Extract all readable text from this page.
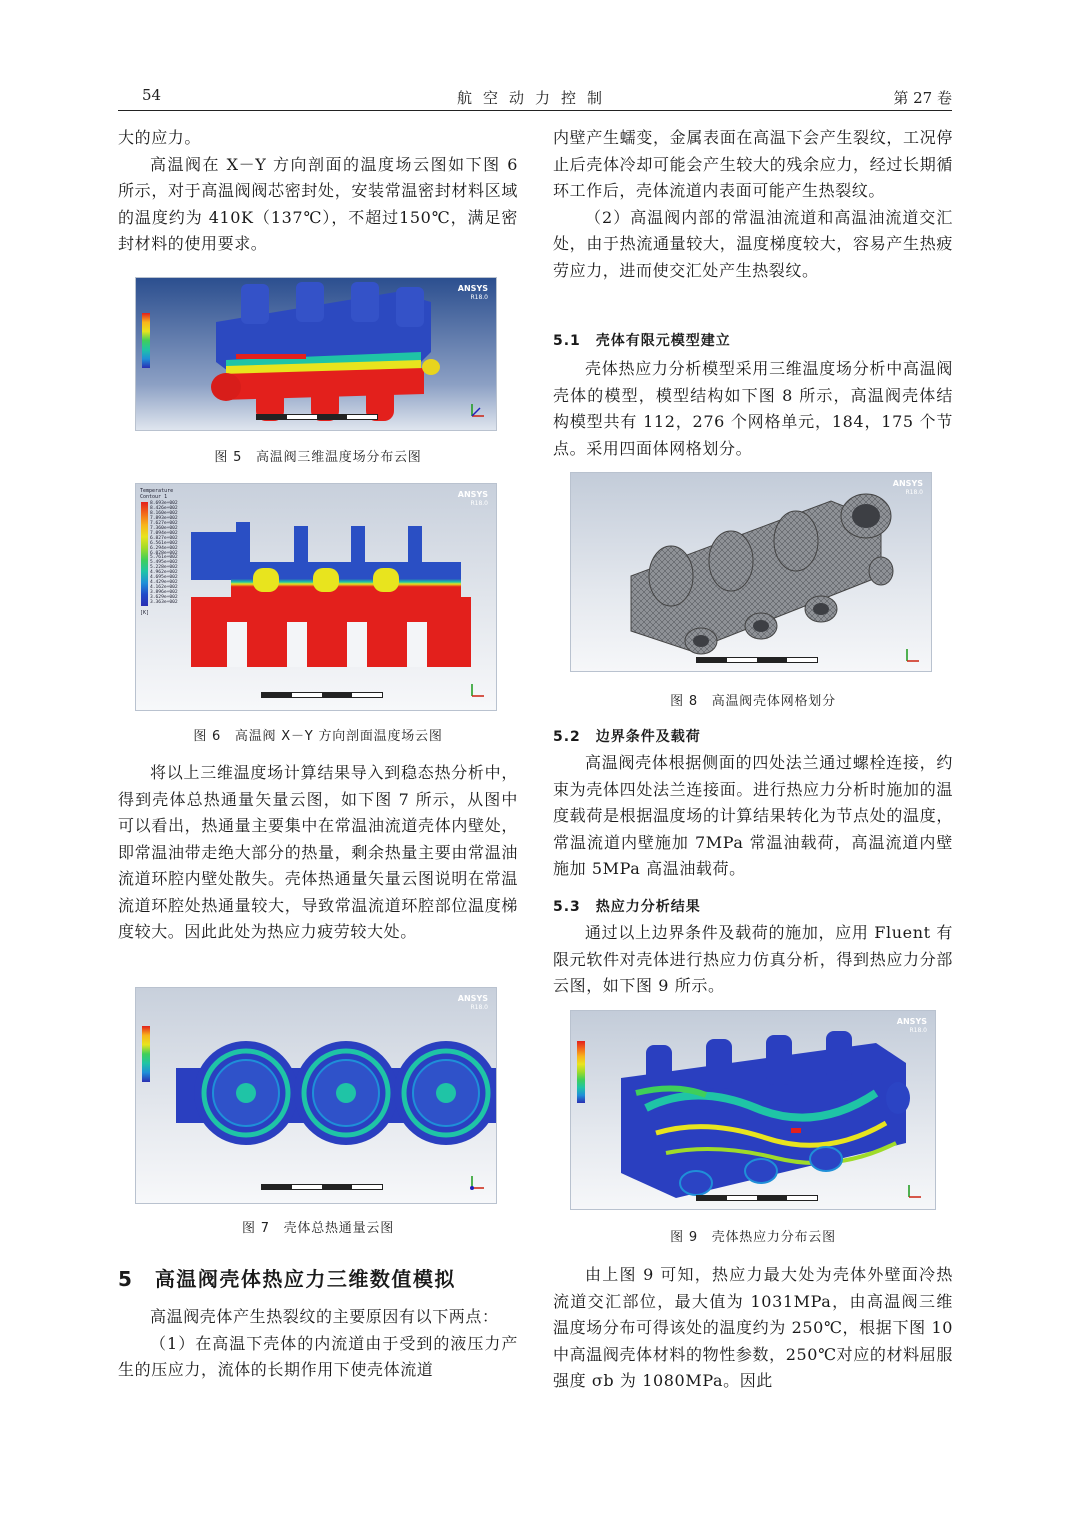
54	航空动力控制	第 27 卷

大的应力。

高温阀在 X－Y 方向剖面的温度场云图如下图 6 所示，对于高温阀阀芯密封处，安装常温密封材料区域的温度约为 410K（137℃），不超过150℃，满足密封材料的使用要求。

ANSYS
R18.0
图 5　高温阀三维温度场分布云图
ANSYS
R18.0
Temperature
Contour 1
8.693e+002
8.426e+002
8.160e+002
7.893e+002
7.627e+002
7.360e+002
7.094e+002
6.827e+002
6.561e+002
6.294e+002
6.028e+002
5.761e+002
5.495e+002
5.228e+002
4.962e+002
4.695e+002
4.429e+002
4.162e+002
3.896e+002
3.629e+002
3.363e+002
[K]
图 6　高温阀 X－Y 方向剖面温度场云图

将以上三维温度场计算结果导入到稳态热分析中，得到壳体总热通量矢量云图，如下图 7 所示，从图中可以看出，热通量主要集中在常温油流道壳体内壁处，即常温油带走绝大部分的热量，剩余热量主要由常温油流道环腔内壁处散失。壳体热通量矢量云图说明在常温流道环腔处热通量较大，导致常温流道环腔部位温度梯度较大。因此此处为热应力疲劳较大处。

ANSYS
R18.0
图 7　壳体总热通量云图
5　高温阀壳体热应力三维数值模拟

高温阀壳体产生热裂纹的主要原因有以下两点：

（1）在高温下壳体的内流道由于受到的液压力产生的压应力，流体的长期作用下使壳体流道

内壁产生蠕变，金属表面在高温下会产生裂纹，工况停止后壳体冷却可能会产生较大的残余应力，经过长期循环工作后，壳体流道内表面可能产生热裂纹。

（2）高温阀内部的常温油流道和高温油流道交汇处，由于热流通量较大，温度梯度较大，容易产生热疲劳应力，进而使交汇处产生热裂纹。

5.1　壳体有限元模型建立

壳体热应力分析模型采用三维温度场分析中高温阀壳体的模型，模型结构如下图 8 所示，高温阀壳体结构模型共有 112，276 个网格单元，184，175 个节点。采用四面体网格划分。

ANSYS
R18.0
图 8　高温阀壳体网格划分
5.2　边界条件及载荷

高温阀壳体根据侧面的四处法兰通过螺栓连接，约束为壳体四处法兰连接面。进行热应力分析时施加的温度载荷是根据温度场的计算结果转化为节点处的温度，常温流道内壁施加 7MPa 常温油载荷，高温流道内壁施加 5MPa 高温油载荷。

5.3　热应力分析结果

通过以上边界条件及载荷的施加，应用 Fluent 有限元软件对壳体进行热应力仿真分析，得到热应力分部云图，如下图 9 所示。

ANSYS
R18.0
图 9　壳体热应力分布云图

由上图 9 可知，热应力最大处为壳体外壁面冷热流道交汇部位，最大值为 1031MPa，由高温阀三维温度场分布可得该处的温度约为 250℃，根据下图 10 中高温阀壳体材料的物性参数，250℃对应的材料屈服强度 σb 为 1080MPa。因此
